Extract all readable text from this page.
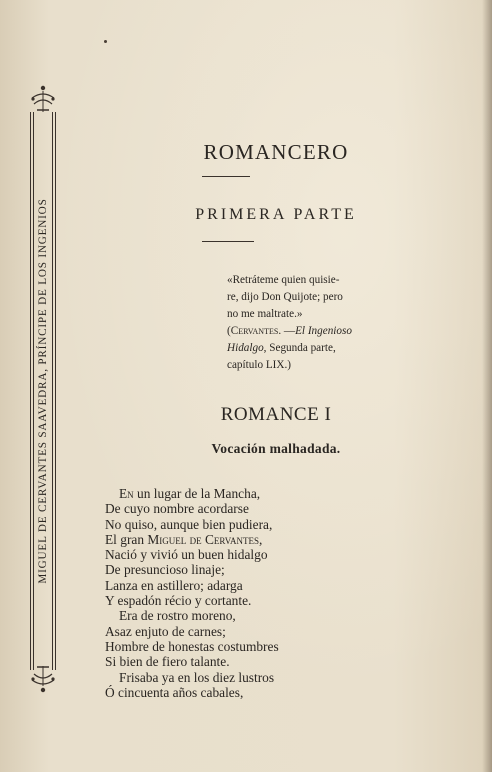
MIGUEL DE CERVANTES SAAVEDRA, PRÍNCIPE DE LOS INGENIOS
ROMANCERO
PRIMERA PARTE
«Retráteme quien quisie-
re, dijo Don Quijote; pero
no me maltrate.»
(Cervantes. —El Ingenioso
Hidalgo, Segunda parte,
capítulo LIX.)
ROMANCE I
Vocación malhadada.
En un lugar de la Mancha,
De cuyo nombre acordarse
No quiso, aunque bien pudiera,
El gran Miguel de Cervantes,
Nació y vivió un buen hidalgo
De presuncioso linaje;
Lanza en astillero; adarga
Y espadón récio y cortante.
Era de rostro moreno,
Asaz enjuto de carnes;
Hombre de honestas costumbres
Si bien de fiero talante.
Frisaba ya en los diez lustros
Ó cincuenta años cabales,
